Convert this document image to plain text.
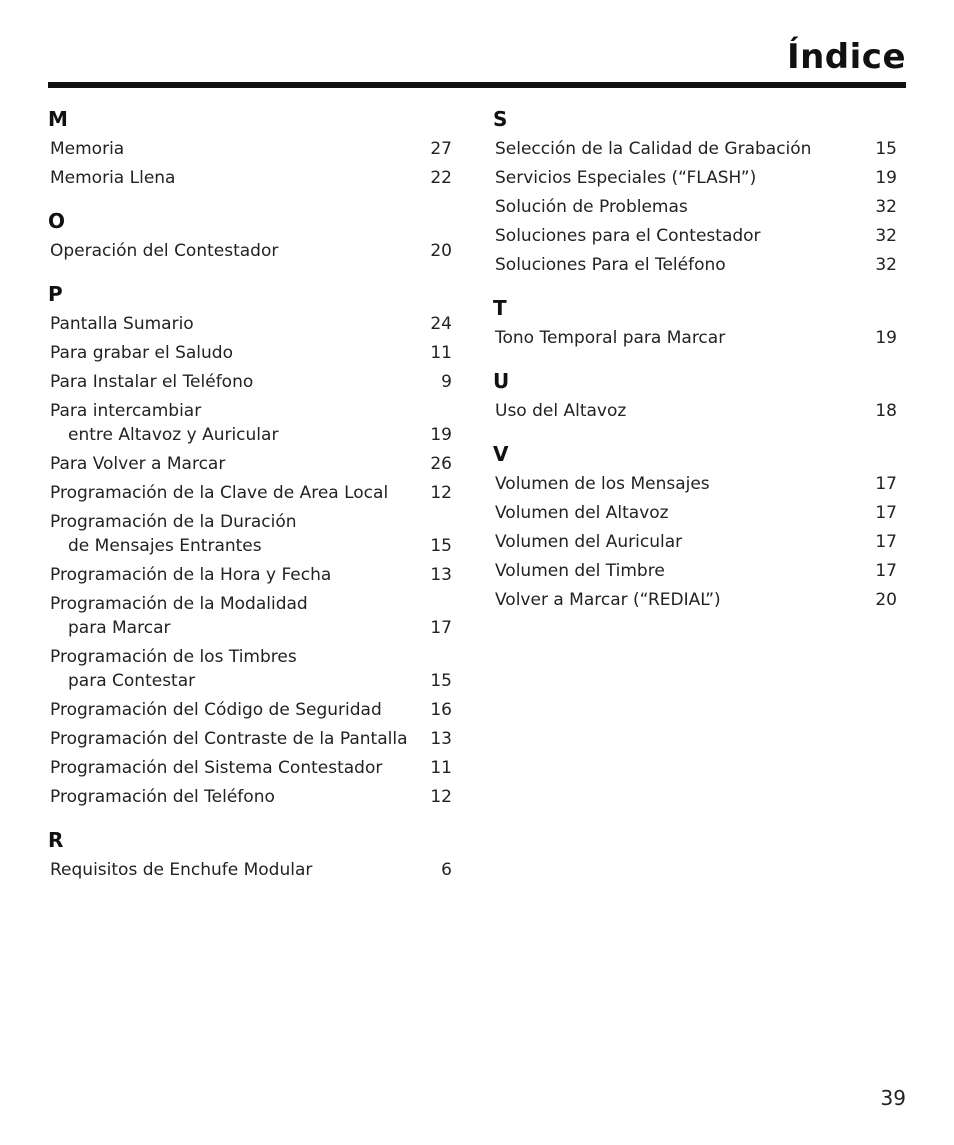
Índice
M
Memoria	27
Memoria Llena	22
O
Operación del Contestador	20
P
Pantalla Sumario	24
Para grabar el Saludo	11
Para Instalar el Teléfono	9
Para intercambiar
entre Altavoz y Auricular	19
Para Volver a Marcar	26
Programación de la Clave de Area Local 12
Programación de la Duración
de Mensajes Entrantes	15
Programación de la Hora y Fecha	13
Programación de la Modalidad
para Marcar	17
Programación de los Timbres
para Contestar	15
Programación del Código de Seguridad	16
Programación del Contraste de la Pantalla 13
Programación del Sistema Contestador	11
Programación del Teléfono	12
R
Requisitos de Enchufe Modular	6
S
Selección de la Calidad de Grabación	15
Servicios Especiales (“FLASH”)	19
Solución de Problemas	32
Soluciones para el Contestador	32
Soluciones Para el Teléfono	32
T
Tono Temporal para Marcar	19
U
Uso del Altavoz	18
V
Volumen de los Mensajes	17
Volumen del Altavoz	17
Volumen del Auricular	17
Volumen del Timbre	17
Volver a Marcar (“REDIAL”)	20
39
